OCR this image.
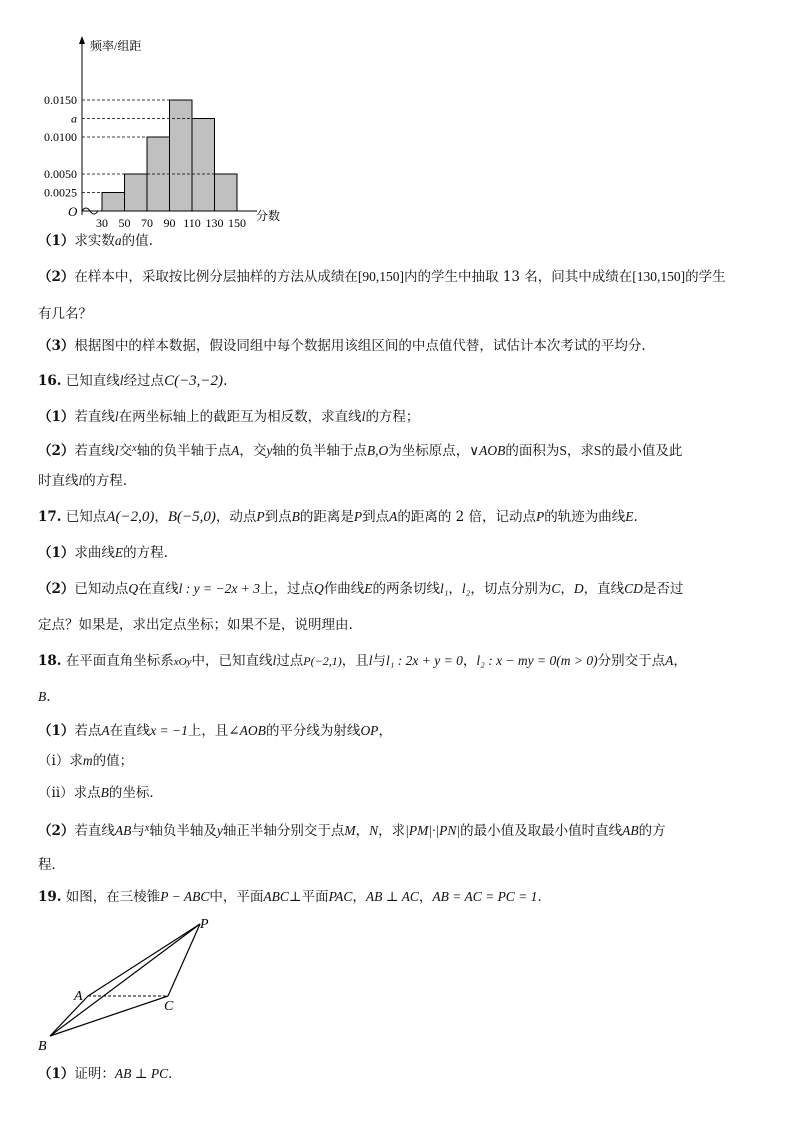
0.0025
0.0050
0.0100
a
0.0150
30 50 70 90 110 130 150
频率/组距
分数
O
（1）求实数a的值.
（2）在样本中，采取按比例分层抽样的方法从成绩在[90,150]内的学生中抽取 13 名，问其中成绩在[130,150]的学生
有几名？
（3）根据图中的样本数据，假设同组中每个数据用该组区间的中点值代替，试估计本次考试的平均分.
16. 已知直线l经过点C(−3,−2).
（1）若直线l在两坐标轴上的截距互为相反数，求直线l的方程；
（2）若直线l交$^x$轴的负半轴于点A，交y轴的负半轴于点B,O为坐标原点，∨AOB的面积为S，求S的最小值及此
时直线l的方程.
17. 已知点A(−2,0)，B(−5,0)，动点P到点B的距离是P到点A的距离的 2 倍，记动点P的轨迹为曲线E.
（1）求曲线E的方程.
（2）已知动点Q在直线l : y = −2x + 3上，过点Q作曲线E的两条切线l₁，l₂，切点分别为C，D，直线CD是否过
定点？如果是，求出定点坐标；如果不是，说明理由.
18. 在平面直角坐标系xOy中，已知直线l过点P(−2,1)，且l与l₁ : 2x + y = 0，l₂ : x − my = 0(m > 0)分别交于点A，
B.
（1）若点A在直线x = −1上，且∠AOB的平分线为射线OP，
（ⅰ）求m的值；
（ⅱ）求点B的坐标．
（2）若直线AB与$^x$轴负半轴及y轴正半轴分别交于点M，N，求|PM|·|PN|的最小值及取最小值时直线AB的方
程．
19. 如图，在三棱锥P − ABC中，平面ABC⊥平面PAC，AB ⊥ AC，AB = AC = PC = 1．
P
A
C
B
（1）证明：AB ⊥ PC．
